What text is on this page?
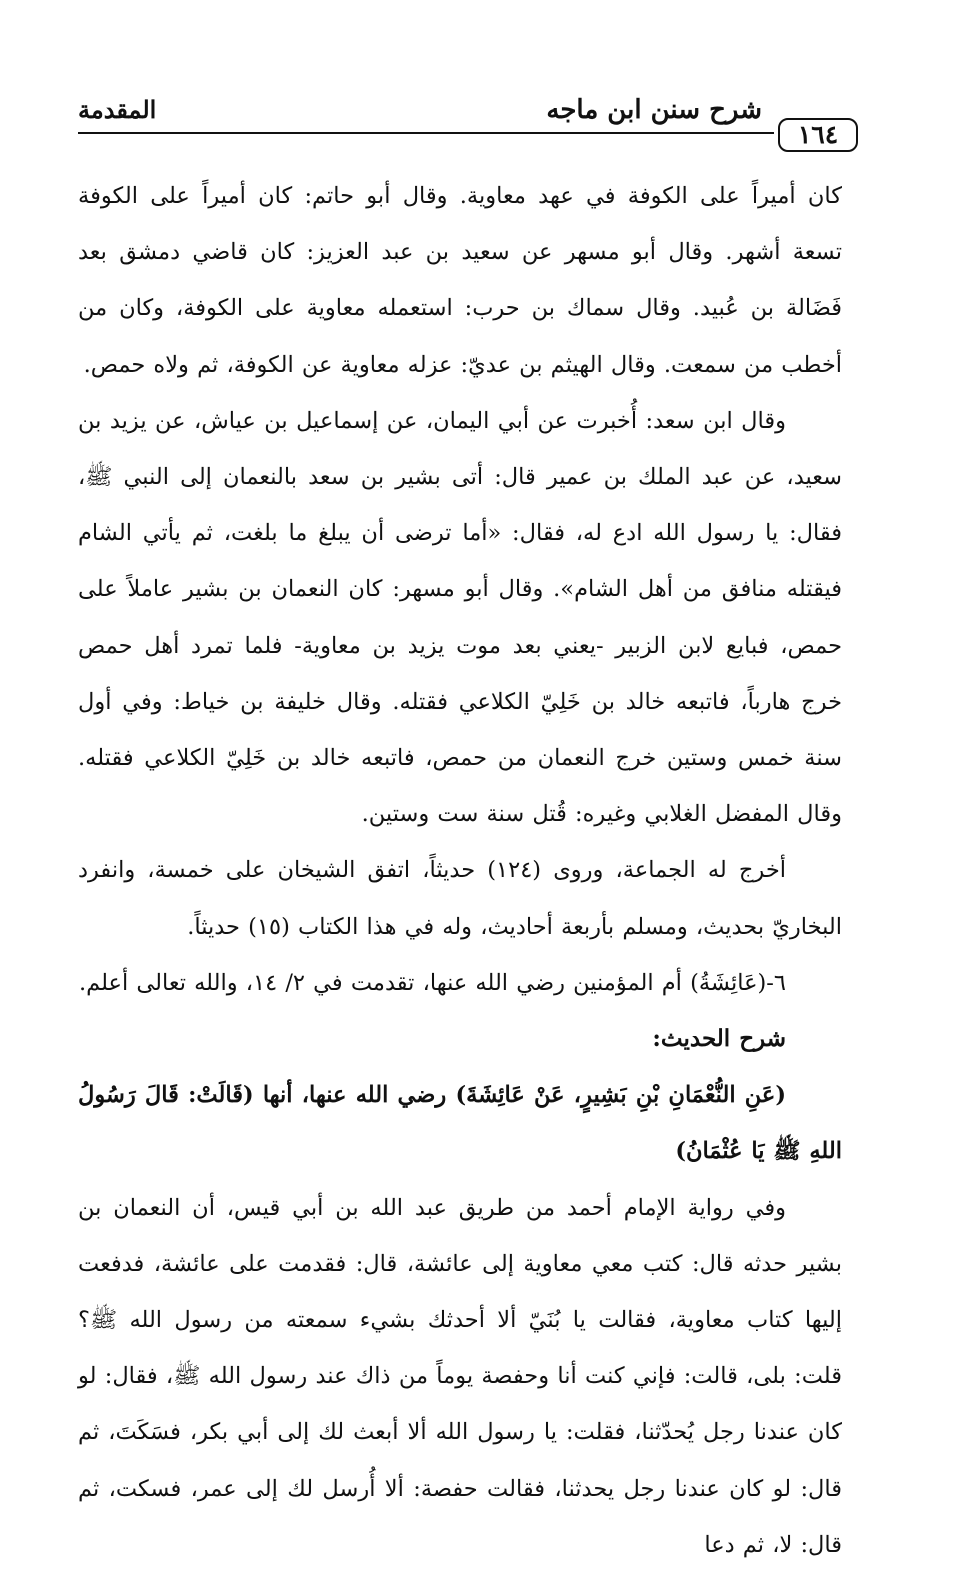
المقدمة	شرح سنن ابن ماجه
١٦٤

كان أميراً على الكوفة في عهد معاوية. وقال أبو حاتم: كان أميراً على الكوفة تسعة أشهر. وقال أبو مسهر عن سعيد بن عبد العزيز: كان قاضي دمشق بعد فَضَالة بن عُبيد. وقال سماك بن حرب: استعمله معاوية على الكوفة، وكان من أخطب من سمعت. وقال الهيثم بن عديّ: عزله معاوية عن الكوفة، ثم ولاه حمص.

وقال ابن سعد: أُخبرت عن أبي اليمان، عن إسماعيل بن عياش، عن يزيد بن سعيد، عن عبد الملك بن عمير قال: أتى بشير بن سعد بالنعمان إلى النبي ﷺ، فقال: يا رسول الله ادع له، فقال: «أما ترضى أن يبلغ ما بلغت، ثم يأتي الشام فيقتله منافق من أهل الشام». وقال أبو مسهر: كان النعمان بن بشير عاملاً على حمص، فبايع لابن الزبير -يعني بعد موت يزيد بن معاوية- فلما تمرد أهل حمص خرج هارباً، فاتبعه خالد بن خَلِيّ الكلاعي فقتله. وقال خليفة بن خياط: وفي أول سنة خمس وستين خرج النعمان من حمص، فاتبعه خالد بن خَلِيّ الكلاعي فقتله. وقال المفضل الغلابي وغيره: قُتل سنة ست وستين.

أخرج له الجماعة، وروى (١٢٤) حديثاً، اتفق الشيخان على خمسة، وانفرد البخاريّ بحديث، ومسلم بأربعة أحاديث، وله في هذا الكتاب (١٥) حديثاً.

٦-(عَائِشَةُ) أم المؤمنين رضي الله عنها، تقدمت في ٢/ ١٤، والله تعالى أعلم.

شرح الحديث:

(عَنِ النُّعْمَانِ بْنِ بَشِيرٍ، عَنْ عَائِشَةَ) رضي الله عنها، أنها (قَالَتْ: قَالَ رَسُولُ اللهِ ﷺ يَا عُثْمَانُ)

وفي رواية الإمام أحمد من طريق عبد الله بن أبي قيس، أن النعمان بن بشير حدثه قال: كتب معي معاوية إلى عائشة، قال: فقدمت على عائشة، فدفعت إليها كتاب معاوية، فقالت يا بُنَيّ ألا أحدثك بشيء سمعته من رسول الله ﷺ؟ قلت: بلى، قالت: فإني كنت أنا وحفصة يوماً من ذاك عند رسول الله ﷺ، فقال: لو كان عندنا رجل يُحدّثنا، فقلت: يا رسول الله ألا أبعث لك إلى أبي بكر، فسَكَتَ، ثم قال: لو كان عندنا رجل يحدثنا، فقالت حفصة: ألا أُرسل لك إلى عمر، فسكت، ثم قال: لا، ثم دعا
